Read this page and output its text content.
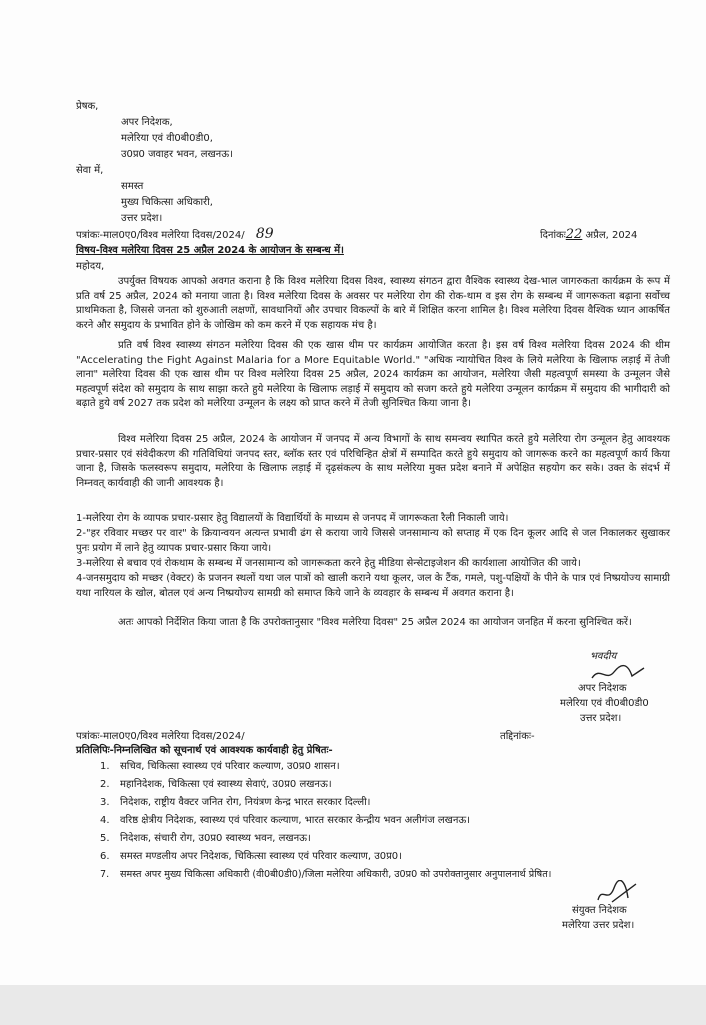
प्रेषक,
अपर निदेशक,
मलेरिया एवं वी0बी0डी0,
उ0प्र0 जवाहर भवन, लखनऊ।
सेवा में,
समस्त
मुख्य चिकित्सा अधिकारी,
उत्तर प्रदेश।
पत्रांकः-माल0ए0/विश्व मलेरिया दिवस/2024/ 89	दिनांकः22 अप्रैल, 2024
विषय-विश्व मलेरिया दिवस 25 अप्रैल 2024 के आयोजन के सम्बन्ध में।
महोदय,
उपर्युक्त विषयक आपको अवगत कराना है कि विश्व मलेरिया दिवस विश्व, स्वास्थ्य संगठन द्वारा वैश्विक स्वास्थ्य देख-भाल जागरुकता कार्यक्रम के रूप में प्रति वर्ष 25 अप्रैल, 2024 को मनाया जाता है। विश्व मलेरिया दिवस के अवसर पर मलेरिया रोग की रोक-थाम व इस रोग के सम्बन्ध में जागरूकता बढ़ाना सर्वोच्च प्राथमिकता है, जिससे जनता को शुरुआती लक्षणों, सावधानियों और उपचार विकल्पों के बारे में शिक्षित करना शामिल है। विश्व मलेरिया दिवस वैश्विक ध्यान आकर्षित करने और समुदाय के प्रभावित होने के जोखिम को कम करने में एक सहायक मंच है।
प्रति वर्ष विश्व स्वास्थ्य संगठन मलेरिया दिवस की एक खास थीम पर कार्यक्रम आयोजित करता है। इस वर्ष विश्व मलेरिया दिवस 2024 की थीम "Accelerating the Fight Against Malaria for a More Equitable World." "अधिक न्यायोचित विश्व के लिये मलेरिया के खिलाफ लड़ाई में तेजी लाना" मलेरिया दिवस की एक खास थीम पर विश्व मलेरिया दिवस 25 अप्रैल, 2024 कार्यक्रम का आयोजन, मलेरिया जैसी महत्वपूर्ण समस्या के उन्मूलन जैसे महत्वपूर्ण संदेश को समुदाय के साथ साझा करते हुये मलेरिया के खिलाफ लड़ाई में समुदाय को सजग करते हुये मलेरिया उन्मूलन कार्यक्रम में समुदाय की भागीदारी को बढ़ाते हुये वर्ष 2027 तक प्रदेश को मलेरिया उन्मूलन के लक्ष्य को प्राप्त करने में तेजी सुनिश्चित किया जाना है।
विश्व मलेरिया दिवस 25 अप्रैल, 2024 के आयोजन में जनपद में अन्य विभागों के साथ समन्वय स्थापित करते हुये मलेरिया रोग उन्मूलन हेतु आवश्यक प्रचार-प्रसार एवं संवेदीकरण की गतिविधियां जनपद स्तर, ब्लॉक स्तर एवं परिचिन्हित क्षेत्रों में सम्पादित करते हुये समुदाय को जागरूक करने का महत्वपूर्ण कार्य किया जाना है, जिसके फलस्वरूप समुदाय, मलेरिया के खिलाफ लड़ाई में दृढ़संकल्प के साथ मलेरिया मुक्त प्रदेश बनाने में अपेक्षित सहयोग कर सके। उक्त के संदर्भ में निम्नवत् कार्यवाही की जानी आवश्यक है।
1-मलेरिया रोग के व्यापक प्रचार-प्रसार हेतु विद्यालयों के विद्यार्थियों के माध्यम से जनपद में जागरूकता रैली निकाली जाये।
2-"हर रविवार मच्छर पर वार" के क्रियान्वयन अत्यन्त प्रभावी ढंग से कराया जाये जिससे जनसामान्य को सप्ताह में एक दिन कूलर आदि से जल निकालकर सुखाकर पुनः प्रयोग में लाने हेतु व्यापक प्रचार-प्रसार किया जाये।
3-मलेरिया से बचाव एवं रोकथाम के सम्बन्ध में जनसामान्य को जागरूकता करने हेतु मीडिया सेन्सेटाइजेशन की कार्यशाला आयोजित की जाये।
4-जनसमुदाय को मच्छर (वेक्टर) के प्रजनन स्थलों यथा जल पात्रों को खाली कराने यथा कूलर, जल के टैंक, गमले, पशु-पक्षियों के पीने के पात्र एवं निष्प्रयोज्य सामाग्री यथा नारियल के खोल, बोतल एवं अन्य निष्प्रयोज्य सामग्री को समाप्त किये जाने के व्यवहार के सम्बन्ध में अवगत कराना है।
अतः आपको निर्देशित किया जाता है कि उपरोक्तानुसार "विश्व मलेरिया दिवस" 25 अप्रैल 2024 का आयोजन जनहित में करना सुनिश्चित करें।
भवदीय
अपर निदेशक
मलेरिया एवं वी0बी0डी0
उत्तर प्रदेश।
पत्रांकः-माल0ए0/विश्व मलेरिया दिवस/2024/	तद्दिनांकः-
प्रतिलिपिः-निम्नलिखित को सूचनार्थ एवं आवश्यक कार्यवाही हेतु प्रेषितः-
1. सचिव, चिकित्सा स्वास्थ्य एवं परिवार कल्याण, उ0प्र0 शासन।
2. महानिदेशक, चिकित्सा एवं स्वास्थ्य सेवाएं, उ0प्र0 लखनऊ।
3. निदेशक, राष्ट्रीय वैक्टर जनित रोग, नियंत्रण केन्द्र भारत सरकार दिल्ली।
4. वरिष्ठ क्षेत्रीय निदेशक, स्वास्थ्य एवं परिवार कल्याण, भारत सरकार केन्द्रीय भवन अलीगंज लखनऊ।
5. निदेशक, संचारी रोग, उ0प्र0 स्वास्थ्य भवन, लखनऊ।
6. समस्त मण्डलीय अपर निदेशक, चिकित्सा स्वास्थ्य एवं परिवार कल्याण, उ0प्र0।
7. समस्त अपर मुख्य चिकित्सा अधिकारी (वी0बी0डी0)/जिला मलेरिया अधिकारी, उ0प्र0 को उपरोक्तानुसार अनुपालनार्थ प्रेषित।
संयुक्त निदेशक
मलेरिया उत्तर प्रदेश।
